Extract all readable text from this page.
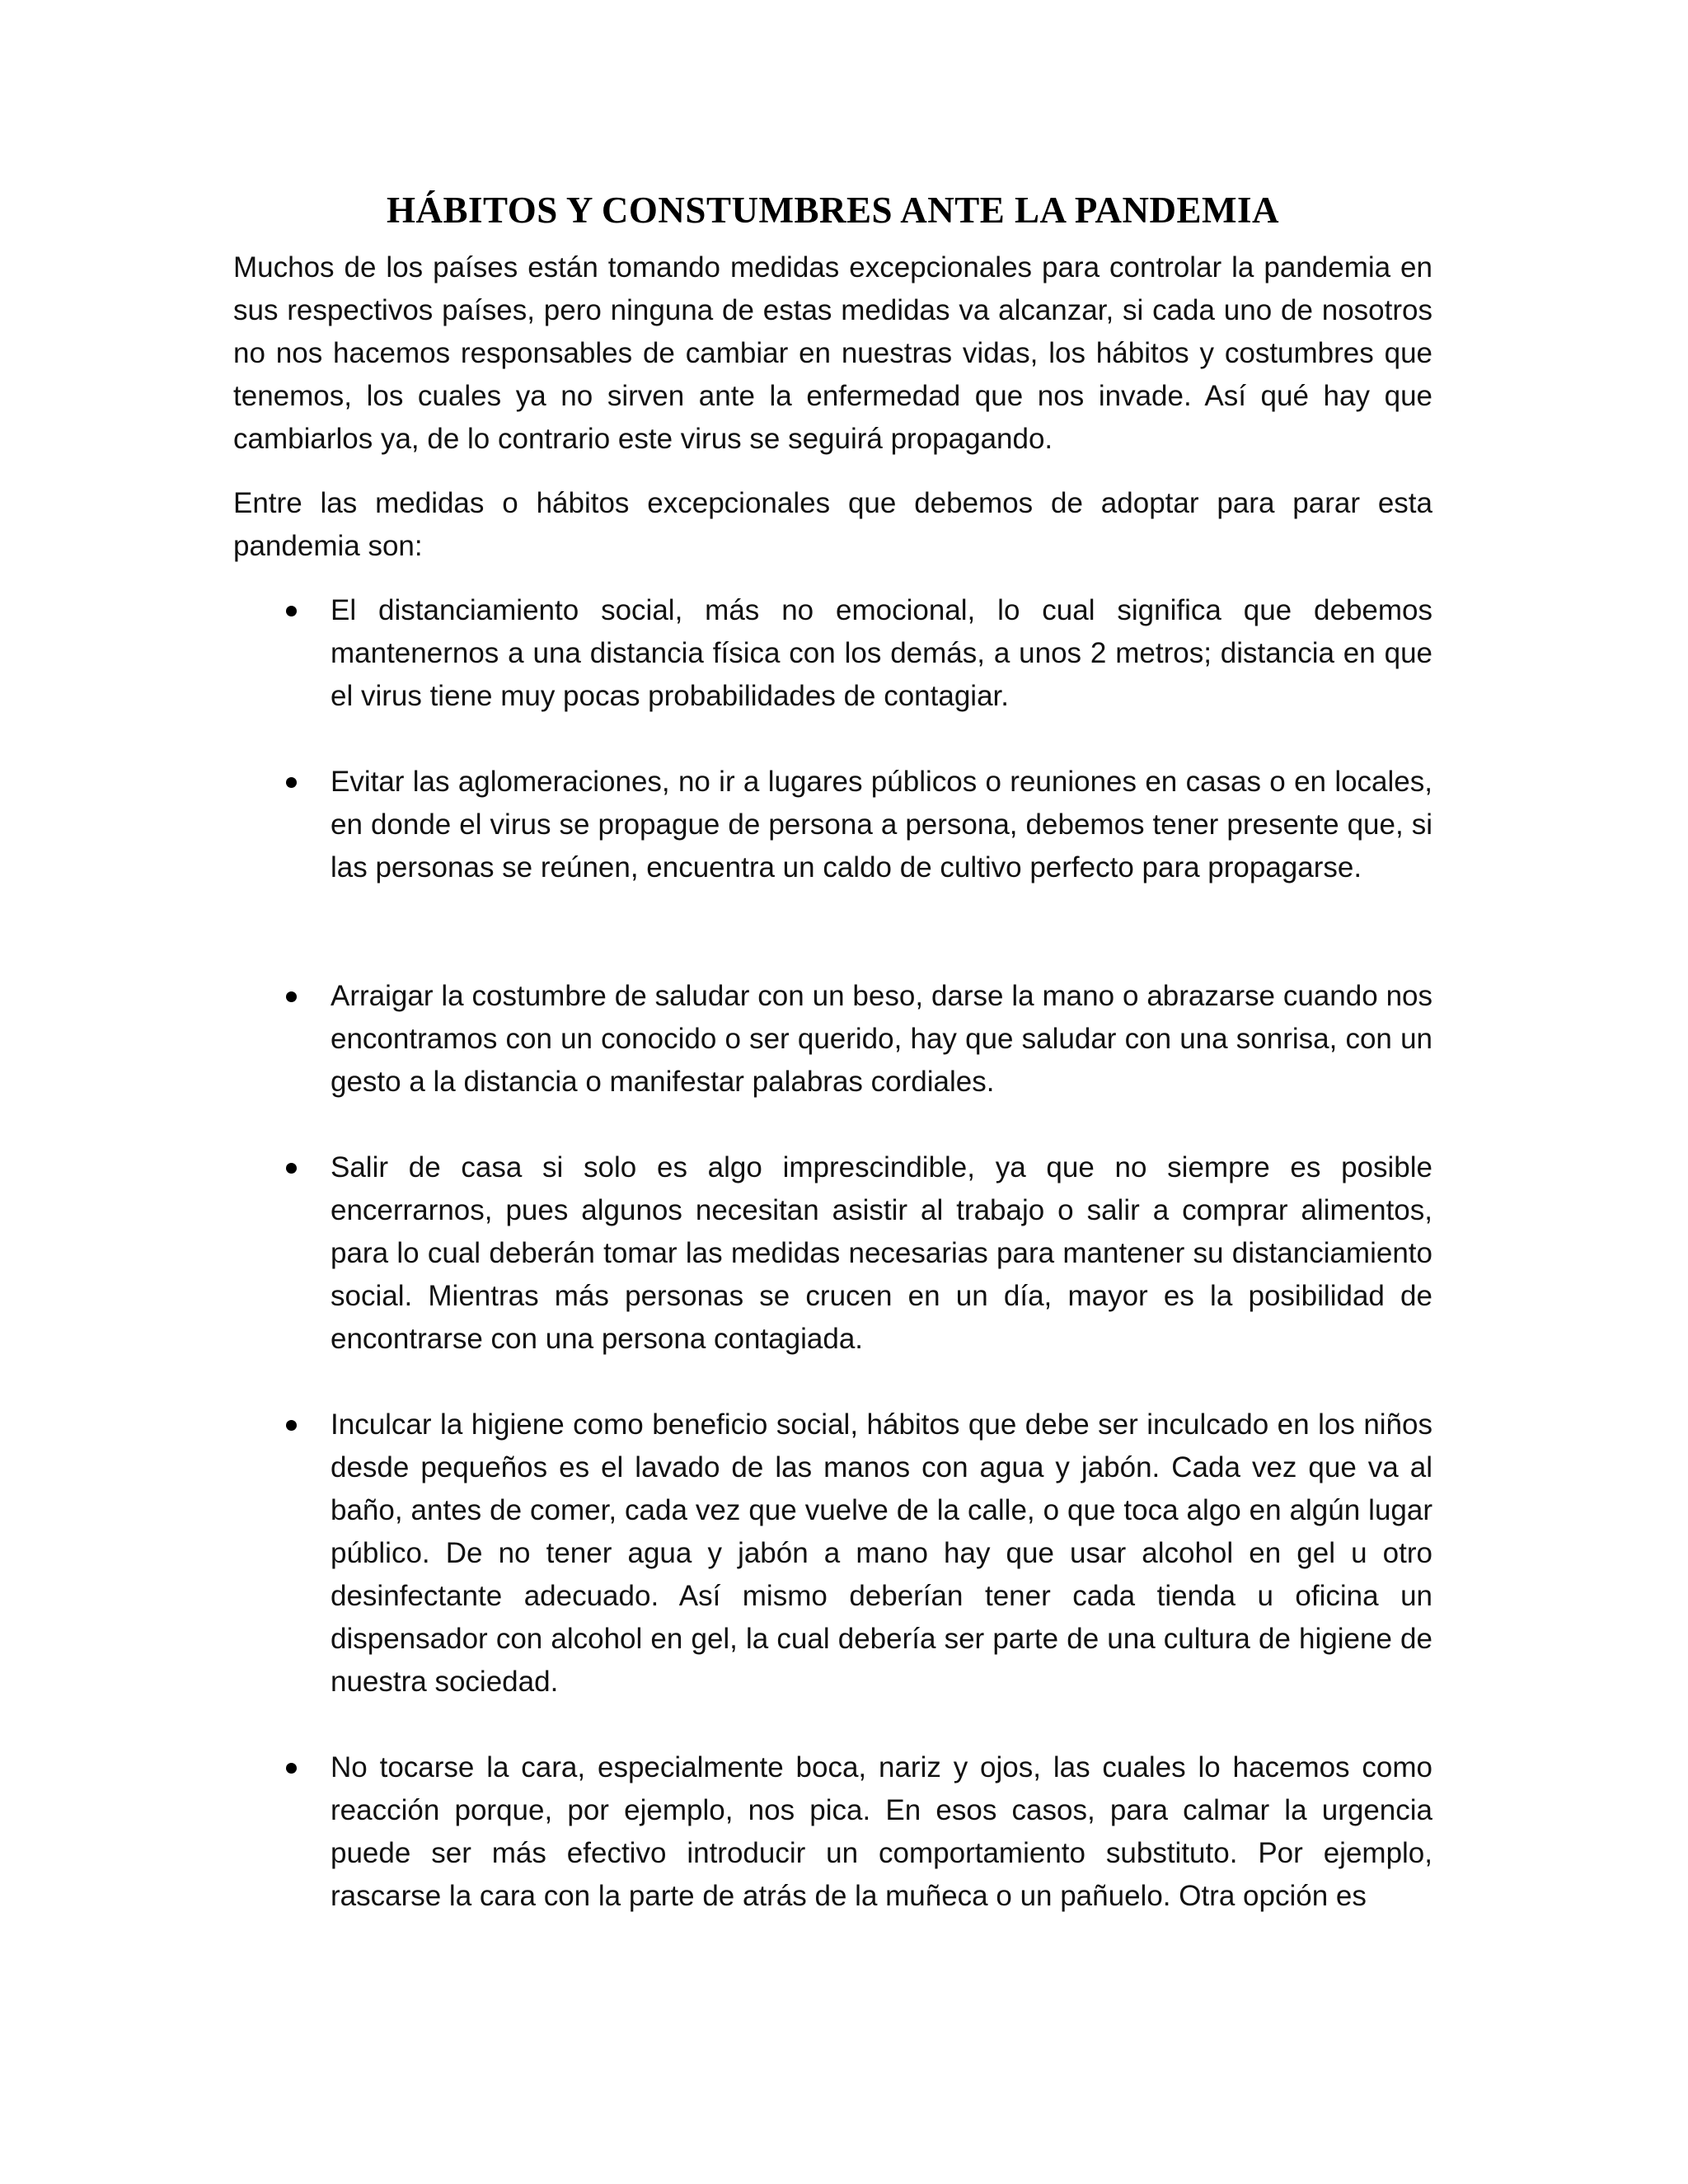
HÁBITOS Y CONSTUMBRES ANTE LA PANDEMIA

Muchos de los países están tomando medidas excepcionales para controlar la pandemia en sus respectivos países, pero ninguna de estas medidas va alcanzar, si cada uno de nosotros no nos hacemos responsables de cambiar en nuestras vidas, los hábitos y costumbres que tenemos, los cuales ya no sirven ante la enfermedad que nos invade. Así qué hay que cambiarlos ya, de lo contrario este virus se seguirá propagando.

Entre las medidas o hábitos excepcionales que debemos de adoptar para parar esta pandemia son:

El distanciamiento social, más no emocional, lo cual significa que debemos mantenernos a una distancia física con los demás, a unos 2 metros; distancia en que el virus tiene muy pocas probabilidades de contagiar.
Evitar las aglomeraciones, no ir a lugares públicos o reuniones en casas o en locales, en donde el virus se propague de persona a persona, debemos tener presente que, si las personas se reúnen, encuentra un caldo de cultivo perfecto para propagarse.
Arraigar la costumbre de saludar con un beso, darse la mano o abrazarse cuando nos encontramos con un conocido o ser querido, hay que saludar con una sonrisa, con un gesto a la distancia o manifestar palabras cordiales.
Salir de casa si solo es algo imprescindible, ya que no siempre es posible encerrarnos, pues algunos necesitan asistir al trabajo o salir a comprar alimentos, para lo cual deberán tomar las medidas necesarias para mantener su distanciamiento social. Mientras más personas se crucen en un día, mayor es la posibilidad de encontrarse con una persona contagiada.
Inculcar la higiene como beneficio social, hábitos que debe ser inculcado en los niños desde pequeños es el lavado de las manos con agua y jabón. Cada vez que va al baño, antes de comer, cada vez que vuelve de la calle, o que toca algo en algún lugar público. De no tener agua y jabón a mano hay que usar alcohol en gel u otro desinfectante adecuado. Así mismo deberían tener cada tienda u oficina un dispensador con alcohol en gel, la cual debería ser parte de una cultura de higiene de nuestra sociedad.
No tocarse la cara, especialmente boca, nariz y ojos, las cuales lo hacemos como reacción porque, por ejemplo, nos pica. En esos casos, para calmar la urgencia puede ser más efectivo introducir un comportamiento substituto. Por ejemplo, rascarse la cara con la parte de atrás de la muñeca o un pañuelo. Otra opción es
